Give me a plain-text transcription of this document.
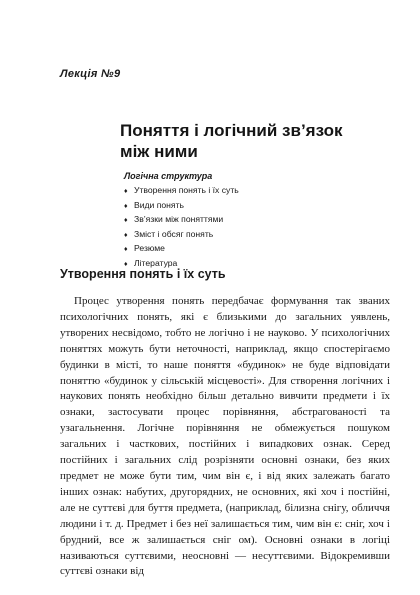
Лекція №9
Поняття і логічний зв’язок
між ними
Логічна структура
♦ Утворення понять і їх суть
♦ Види понять
♦ Зв’язки між поняттями
♦ Зміст і обсяг понять
♦ Резюме
♦ Література
Утворення понять і їх суть

Процес утворення понять передбачає формування так званих психологічних понять, які є близькими до загальних уявлень, утворених несвідомо, тобто не логічно і не науково. У психологічних поняттях можуть бути неточності, наприклад, якщо спостерігаємо будинки в місті, то наше поняття «будинок» не буде відповідати поняттю «будинок у сільській місцевості». Для створення логічних і наукових понять необхідно більш детально вивчити предмети і їх ознаки, застосувати процес порівняння, абстрагованості та узагальнення. Логічне порівняння не обмежується пошуком загальних і часткових, постійних і випадкових ознак. Серед постійних і загальних слід розрізняти основні ознаки, без яких предмет не може бути тим, чим він є, і від яких залежать багато інших ознак: набутих, другорядних, не основних, які хоч і постійні, але не суттєві для буття предмета, (наприклад, білизна снігу, обличчя людини і т. д. Предмет і без неї залишається тим, чим він є: сніг, хоч і брудний, все ж залишається сніг ом). Основні ознаки в логіці називаються суттєвими, неосновні — несуттєвими. Відокремивши суттєві ознаки від
